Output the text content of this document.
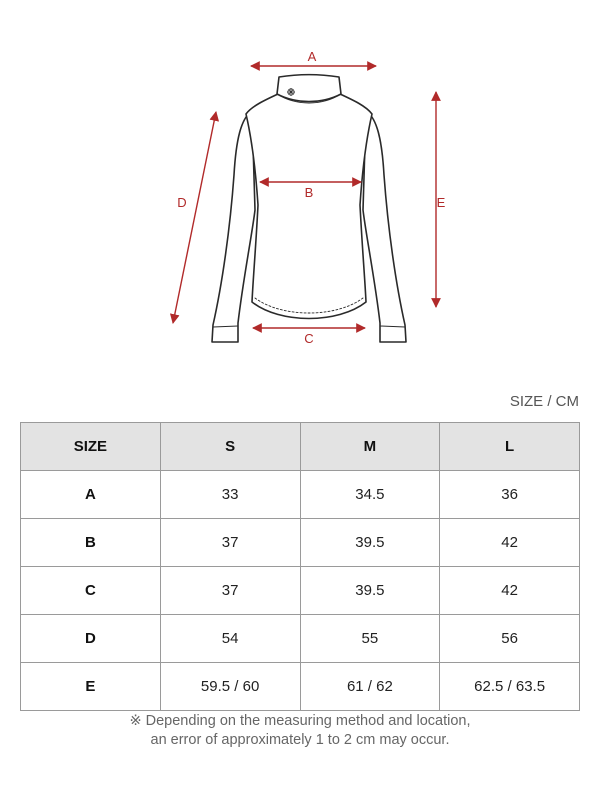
A
B
C
D	E
SIZE / CM
SIZE	S	M	L
A	33	34.5	36
B	37	39.5	42
C	37	39.5	42
D	54	55	56
E	59.5 / 60	61 / 62	62.5 / 63.5
※ Depending on the measuring method and location,
an error of approximately 1 to 2 cm may occur.
